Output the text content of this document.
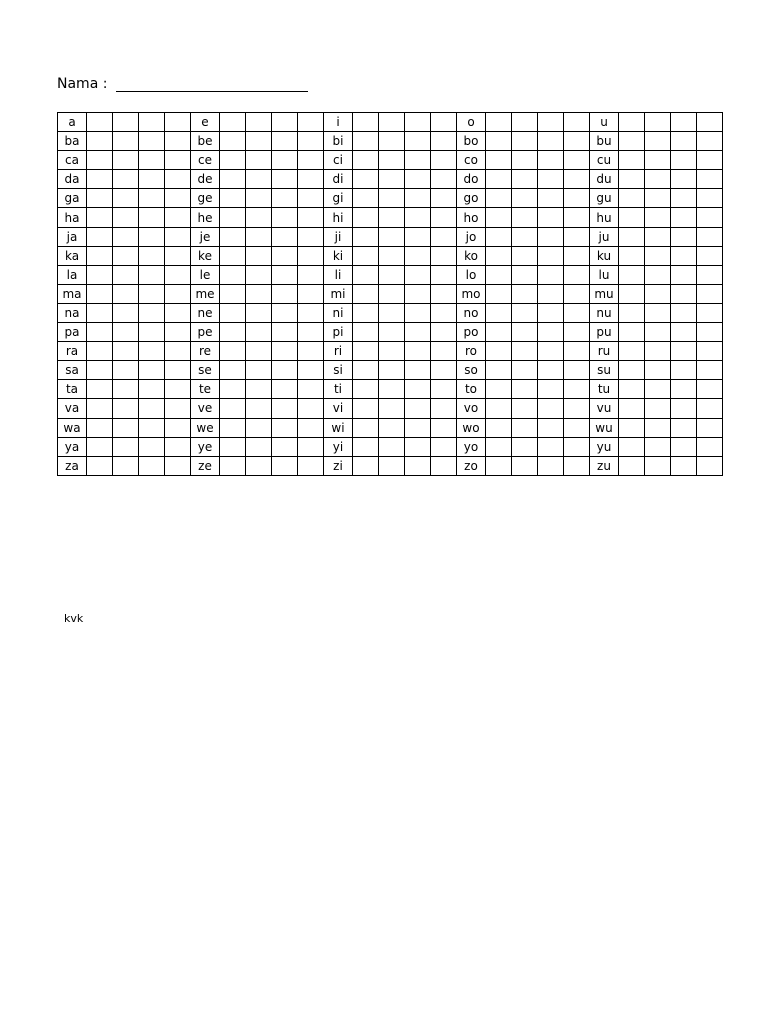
Nama :
a					e					i					o					u				
ba					be					bi					bo					bu				
ca					ce					ci					co					cu				
da					de					di					do					du				
ga					ge					gi					go					gu				
ha					he					hi					ho					hu				
ja					je					ji					jo					ju				
ka					ke					ki					ko					ku				
la					le					li					lo					lu				
ma					me					mi					mo					mu				
na					ne					ni					no					nu				
pa					pe					pi					po					pu				
ra					re					ri					ro					ru				
sa					se					si					so					su				
ta					te					ti					to					tu				
va					ve					vi					vo					vu				
wa					we					wi					wo					wu				
ya					ye					yi					yo					yu				
za					ze					zi					zo					zu				
kvk
